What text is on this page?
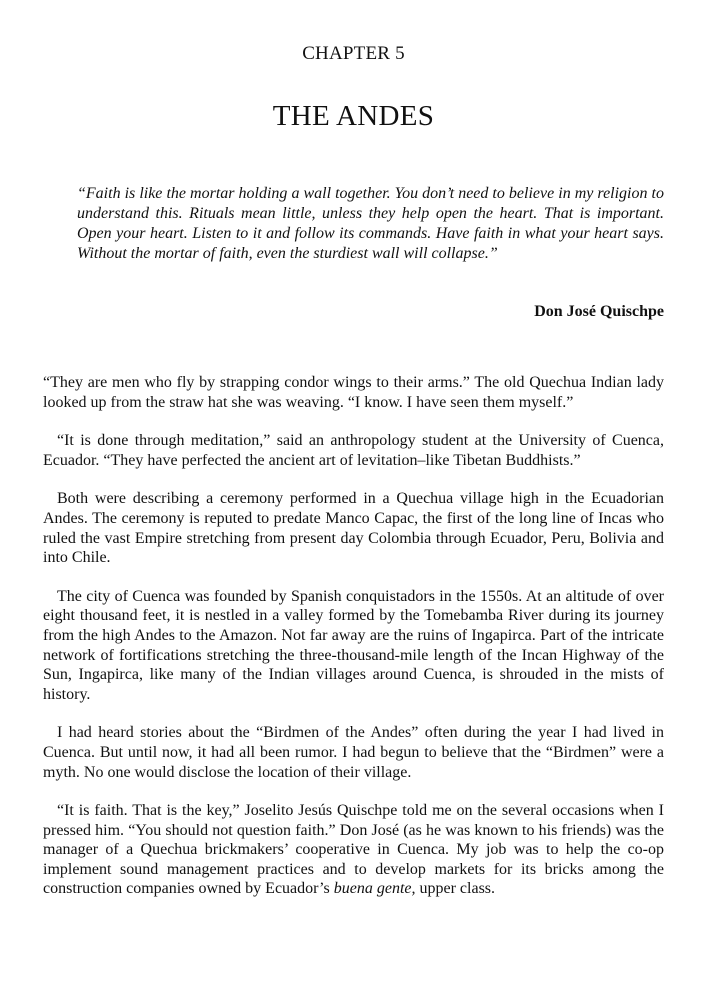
CHAPTER 5
THE ANDES

“Faith is like the mortar holding a wall together. You don’t need to believe in my religion to understand this. Rituals mean little, unless they help open the heart. That is important. Open your heart. Listen to it and follow its commands. Have faith in what your heart says. Without the mortar of faith, even the sturdiest wall will collapse.”

Don José Quischpe

“They are men who fly by strapping condor wings to their arms.” The old Quechua Indian lady looked up from the straw hat she was weaving. “I know. I have seen them myself.”

“It is done through meditation,” said an anthropology student at the University of Cuenca, Ecuador. “They have perfected the ancient art of levitation–like Tibetan Buddhists.”

Both were describing a ceremony performed in a Quechua village high in the Ecuadorian Andes. The ceremony is reputed to predate Manco Capac, the first of the long line of Incas who ruled the vast Empire stretching from present day Colombia through Ecuador, Peru, Bolivia and into Chile.

The city of Cuenca was founded by Spanish conquistadors in the 1550s. At an altitude of over eight thousand feet, it is nestled in a valley formed by the Tomebamba River during its journey from the high Andes to the Amazon. Not far away are the ruins of Ingapirca. Part of the intricate network of fortifications stretching the three-thousand-mile length of the Incan Highway of the Sun, Ingapirca, like many of the Indian villages around Cuenca, is shrouded in the mists of history.

I had heard stories about the “Birdmen of the Andes” often during the year I had lived in Cuenca. But until now, it had all been rumor. I had begun to believe that the “Birdmen” were a myth. No one would disclose the location of their village.

“It is faith. That is the key,” Joselito Jesús Quischpe told me on the several occasions when I pressed him. “You should not question faith.” Don José (as he was known to his friends) was the manager of a Quechua brickmakers’ cooperative in Cuenca. My job was to help the co-op implement sound management practices and to develop markets for its bricks among the construction companies owned by Ecuador’s buena gente, upper class.
